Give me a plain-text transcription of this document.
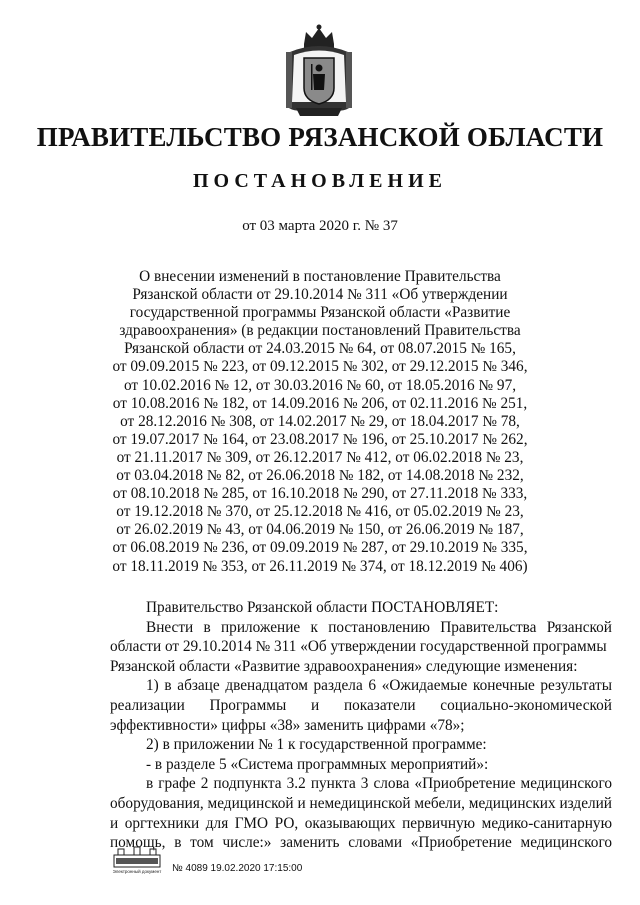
ПРАВИТЕЛЬСТВО РЯЗАНСКОЙ ОБЛАСТИ
ПОСТАНОВЛЕНИЕ
от 03 марта 2020 г. № 37
О внесении изменений в постановление Правительства
Рязанской области от 29.10.2014 № 311 «Об утверждении
государственной программы Рязанской области «Развитие
здравоохранения» (в редакции постановлений Правительства
Рязанской области от 24.03.2015 № 64, от 08.07.2015 № 165,
от 09.09.2015 № 223, от 09.12.2015 № 302, от 29.12.2015 № 346,
от 10.02.2016 № 12, от 30.03.2016 № 60, от 18.05.2016 № 97,
от 10.08.2016 № 182, от 14.09.2016 № 206, от 02.11.2016 № 251,
от 28.12.2016 № 308, от 14.02.2017 № 29, от 18.04.2017 № 78,
от 19.07.2017 № 164, от 23.08.2017 № 196, от 25.10.2017 № 262,
от 21.11.2017 № 309, от 26.12.2017 № 412, от 06.02.2018 № 23,
от 03.04.2018 № 82, от 26.06.2018 № 182, от 14.08.2018 № 232,
от 08.10.2018 № 285, от 16.10.2018 № 290, от 27.11.2018 № 333,
от 19.12.2018 № 370, от 25.12.2018 № 416, от 05.02.2019 № 23,
от 26.02.2019 № 43, от 04.06.2019 № 150, от 26.06.2019 № 187,
от 06.08.2019 № 236, от 09.09.2019 № 287, от 29.10.2019 № 335,
от 18.11.2019 № 353, от 26.11.2019 № 374, от 18.12.2019 № 406)
Правительство Рязанской области ПОСТАНОВЛЯЕТ:
Внести в приложение к постановлению Правительства Рязанской
области от 29.10.2014 № 311 «Об утверждении государственной программы
Рязанской области «Развитие здравоохранения» следующие изменения:
1) в абзаце двенадцатом раздела 6 «Ожидаемые конечные результаты
реализации Программы и показатели социально-экономической
эффективности» цифры «38» заменить цифрами «78»;
2) в приложении № 1 к государственной программе:
- в разделе 5 «Система программных мероприятий»:
в графе 2 подпункта 3.2 пункта 3 слова «Приобретение медицинского
оборудования, медицинской и немедицинской мебели, медицинских изделий
и оргтехники для ГМО РО, оказывающих первичную медико-санитарную
помощь, в том числе:» заменить словами «Приобретение медицинского
Электронный документ № 4089 19.02.2020 17:15:00
